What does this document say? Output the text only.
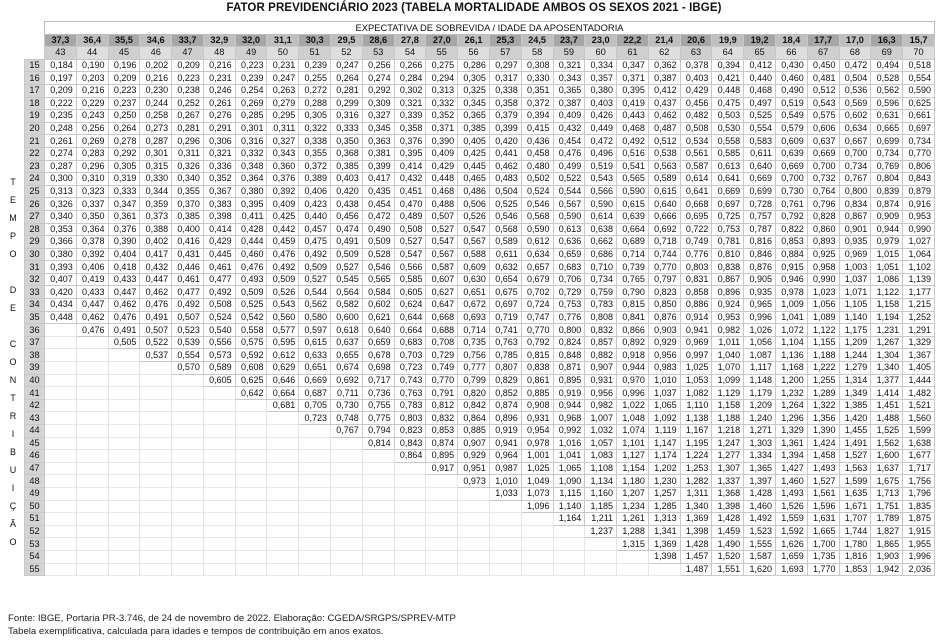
FATOR PREVIDENCIÁRIO 2023 (TABELA MORTALIDADE AMBOS OS SEXOS 2021 - IBGE)
T
E
M
P
O
D
E
C
O
N
T
R
I
B
U
I
Ç
Ã
O
	EXPECTATIVA DE SOBREVIDA / IDADE DA APOSENTADORIA																											
	37,3	36,4	35,5	34,6	33,7	32,9	32,0	31,1	30,3	29,5	28,6	27,8	27,0	26,1	25,3	24,5	23,7	23,0	22,2	21,4	20,6	19,9	19,2	18,4	17,7	17,0	16,3	15,7
	43	44	45	46	47	48	49	50	51	52	53	54	55	56	57	58	59	60	61	62	63	64	65	66	67	68	69	70
15	0,184	0,190	0,196	0,202	0,209	0,216	0,223	0,231	0,239	0,247	0,256	0,266	0,275	0,286	0,297	0,308	0,321	0,334	0,347	0,362	0,378	0,394	0,412	0,430	0,450	0,472	0,494	0,518
16	0,197	0,203	0,209	0,216	0,223	0,231	0,239	0,247	0,255	0,264	0,274	0,284	0,294	0,305	0,317	0,330	0,343	0,357	0,371	0,387	0,403	0,421	0,440	0,460	0,481	0,504	0,528	0,554
17	0,209	0,216	0,223	0,230	0,238	0,246	0,254	0,263	0,272	0,281	0,292	0,302	0,313	0,325	0,338	0,351	0,365	0,380	0,395	0,412	0,429	0,448	0,468	0,490	0,512	0,536	0,562	0,590
18	0,222	0,229	0,237	0,244	0,252	0,261	0,269	0,279	0,288	0,299	0,309	0,321	0,332	0,345	0,358	0,372	0,387	0,403	0,419	0,437	0,456	0,475	0,497	0,519	0,543	0,569	0,596	0,625
19	0,235	0,243	0,250	0,258	0,267	0,276	0,285	0,295	0,305	0,316	0,327	0,339	0,352	0,365	0,379	0,394	0,409	0,426	0,443	0,462	0,482	0,503	0,525	0,549	0,575	0,602	0,631	0,661
20	0,248	0,256	0,264	0,273	0,281	0,291	0,301	0,311	0,322	0,333	0,345	0,358	0,371	0,385	0,399	0,415	0,432	0,449	0,468	0,487	0,508	0,530	0,554	0,579	0,606	0,634	0,665	0,697
21	0,261	0,269	0,278	0,287	0,296	0,306	0,316	0,327	0,338	0,350	0,363	0,376	0,390	0,405	0,420	0,436	0,454	0,472	0,492	0,512	0,534	0,558	0,583	0,609	0,637	0,667	0,699	0,734
22	0,274	0,283	0,292	0,301	0,311	0,321	0,332	0,343	0,355	0,368	0,381	0,395	0,409	0,425	0,441	0,458	0,476	0,496	0,516	0,538	0,561	0,585	0,611	0,639	0,669	0,700	0,734	0,770
23	0,287	0,296	0,305	0,315	0,326	0,336	0,348	0,360	0,372	0,385	0,399	0,414	0,429	0,445	0,462	0,480	0,499	0,519	0,541	0,563	0,587	0,613	0,640	0,669	0,700	0,734	0,769	0,806
24	0,300	0,310	0,319	0,330	0,340	0,352	0,364	0,376	0,389	0,403	0,417	0,432	0,448	0,465	0,483	0,502	0,522	0,543	0,565	0,589	0,614	0,641	0,669	0,700	0,732	0,767	0,804	0,843
25	0,313	0,323	0,333	0,344	0,355	0,367	0,380	0,392	0,406	0,420	0,435	0,451	0,468	0,486	0,504	0,524	0,544	0,566	0,590	0,615	0,641	0,669	0,699	0,730	0,764	0,800	0,839	0,879
26	0,326	0,337	0,347	0,359	0,370	0,383	0,395	0,409	0,423	0,438	0,454	0,470	0,488	0,506	0,525	0,546	0,567	0,590	0,615	0,640	0,668	0,697	0,728	0,761	0,796	0,834	0,874	0,916
27	0,340	0,350	0,361	0,373	0,385	0,398	0,411	0,425	0,440	0,456	0,472	0,489	0,507	0,526	0,546	0,568	0,590	0,614	0,639	0,666	0,695	0,725	0,757	0,792	0,828	0,867	0,909	0,953
28	0,353	0,364	0,376	0,388	0,400	0,414	0,428	0,442	0,457	0,474	0,490	0,508	0,527	0,547	0,568	0,590	0,613	0,638	0,664	0,692	0,722	0,753	0,787	0,822	0,860	0,901	0,944	0,990
29	0,366	0,378	0,390	0,402	0,416	0,429	0,444	0,459	0,475	0,491	0,509	0,527	0,547	0,567	0,589	0,612	0,636	0,662	0,689	0,718	0,749	0,781	0,816	0,853	0,893	0,935	0,979	1,027
30	0,380	0,392	0,404	0,417	0,431	0,445	0,460	0,476	0,492	0,509	0,528	0,547	0,567	0,588	0,611	0,634	0,659	0,686	0,714	0,744	0,776	0,810	0,846	0,884	0,925	0,969	1,015	1,064
31	0,393	0,406	0,418	0,432	0,446	0,461	0,476	0,492	0,509	0,527	0,546	0,566	0,587	0,609	0,632	0,657	0,683	0,710	0,739	0,770	0,803	0,838	0,876	0,915	0,958	1,003	1,051	1,102
32	0,407	0,419	0,433	0,447	0,461	0,477	0,493	0,509	0,527	0,545	0,565	0,585	0,607	0,630	0,654	0,679	0,706	0,734	0,765	0,797	0,831	0,867	0,905	0,946	0,990	1,037	1,086	1,139
33	0,420	0,433	0,447	0,462	0,477	0,492	0,509	0,526	0,544	0,564	0,584	0,605	0,627	0,651	0,675	0,702	0,729	0,759	0,790	0,823	0,858	0,896	0,935	0,978	1,023	1,071	1,122	1,177
34	0,434	0,447	0,462	0,476	0,492	0,508	0,525	0,543	0,562	0,582	0,602	0,624	0,647	0,672	0,697	0,724	0,753	0,783	0,815	0,850	0,886	0,924	0,965	1,009	1,056	1,105	1,158	1,215
35	0,448	0,462	0,476	0,491	0,507	0,524	0,542	0,560	0,580	0,600	0,621	0,644	0,668	0,693	0,719	0,747	0,776	0,808	0,841	0,876	0,914	0,953	0,996	1,041	1,089	1,140	1,194	1,252
36		0,476	0,491	0,507	0,523	0,540	0,558	0,577	0,597	0,618	0,640	0,664	0,688	0,714	0,741	0,770	0,800	0,832	0,866	0,903	0,941	0,982	1,026	1,072	1,122	1,175	1,231	1,291
37			0,505	0,522	0,539	0,556	0,575	0,595	0,615	0,637	0,659	0,683	0,708	0,735	0,763	0,792	0,824	0,857	0,892	0,929	0,969	1,011	1,056	1,104	1,155	1,209	1,267	1,329
38				0,537	0,554	0,573	0,592	0,612	0,633	0,655	0,678	0,703	0,729	0,756	0,785	0,815	0,848	0,882	0,918	0,956	0,997	1,040	1,087	1,136	1,188	1,244	1,304	1,367
39					0,570	0,589	0,608	0,629	0,651	0,674	0,698	0,723	0,749	0,777	0,807	0,838	0,871	0,907	0,944	0,983	1,025	1,070	1,117	1,168	1,222	1,279	1,340	1,405
40						0,605	0,625	0,646	0,669	0,692	0,717	0,743	0,770	0,799	0,829	0,861	0,895	0,931	0,970	1,010	1,053	1,099	1,148	1,200	1,255	1,314	1,377	1,444
41							0,642	0,664	0,687	0,711	0,736	0,763	0,791	0,820	0,852	0,885	0,919	0,956	0,996	1,037	1,082	1,129	1,179	1,232	1,289	1,349	1,414	1,482
42								0,681	0,705	0,730	0,755	0,783	0,812	0,842	0,874	0,908	0,944	0,982	1,022	1,065	1,110	1,158	1,209	1,264	1,322	1,385	1,451	1,521
43									0,723	0,748	0,775	0,803	0,832	0,864	0,896	0,931	0,968	1,007	1,048	1,092	1,138	1,188	1,240	1,296	1,356	1,420	1,488	1,560
44										0,767	0,794	0,823	0,853	0,885	0,919	0,954	0,992	1,032	1,074	1,119	1,167	1,218	1,271	1,329	1,390	1,455	1,525	1,599
45											0,814	0,843	0,874	0,907	0,941	0,978	1,016	1,057	1,101	1,147	1,195	1,247	1,303	1,361	1,424	1,491	1,562	1,638
46												0,864	0,895	0,929	0,964	1,001	1,041	1,083	1,127	1,174	1,224	1,277	1,334	1,394	1,458	1,527	1,600	1,677
47													0,917	0,951	0,987	1,025	1,065	1,108	1,154	1,202	1,253	1,307	1,365	1,427	1,493	1,563	1,637	1,717
48														0,973	1,010	1,049	1,090	1,134	1,180	1,230	1,282	1,337	1,397	1,460	1,527	1,599	1,675	1,756
49															1,033	1,073	1,115	1,160	1,207	1,257	1,311	1,368	1,428	1,493	1,561	1,635	1,713	1,796
50																1,096	1,140	1,185	1,234	1,285	1,340	1,398	1,460	1,526	1,596	1,671	1,751	1,835
51																	1,164	1,211	1,261	1,313	1,369	1,428	1,492	1,559	1,631	1,707	1,789	1,875
52																		1,237	1,288	1,341	1,398	1,459	1,523	1,592	1,665	1,744	1,827	1,915
53																			1,315	1,369	1,428	1,490	1,555	1,626	1,700	1,780	1,865	1,955
54																				1,398	1,457	1,520	1,587	1,659	1,735	1,816	1,903	1,996
55																					1,487	1,551	1,620	1,693	1,770	1,853	1,942	2,036
Fonte: IBGE, Portaria PR-3.746, de 24 de novembro de 2022. Elaboração: CGEDA/SRGPS/SPREV-MTP
Tabela exemplificativa, calculada para idades e tempos de contribuição em anos exatos.
